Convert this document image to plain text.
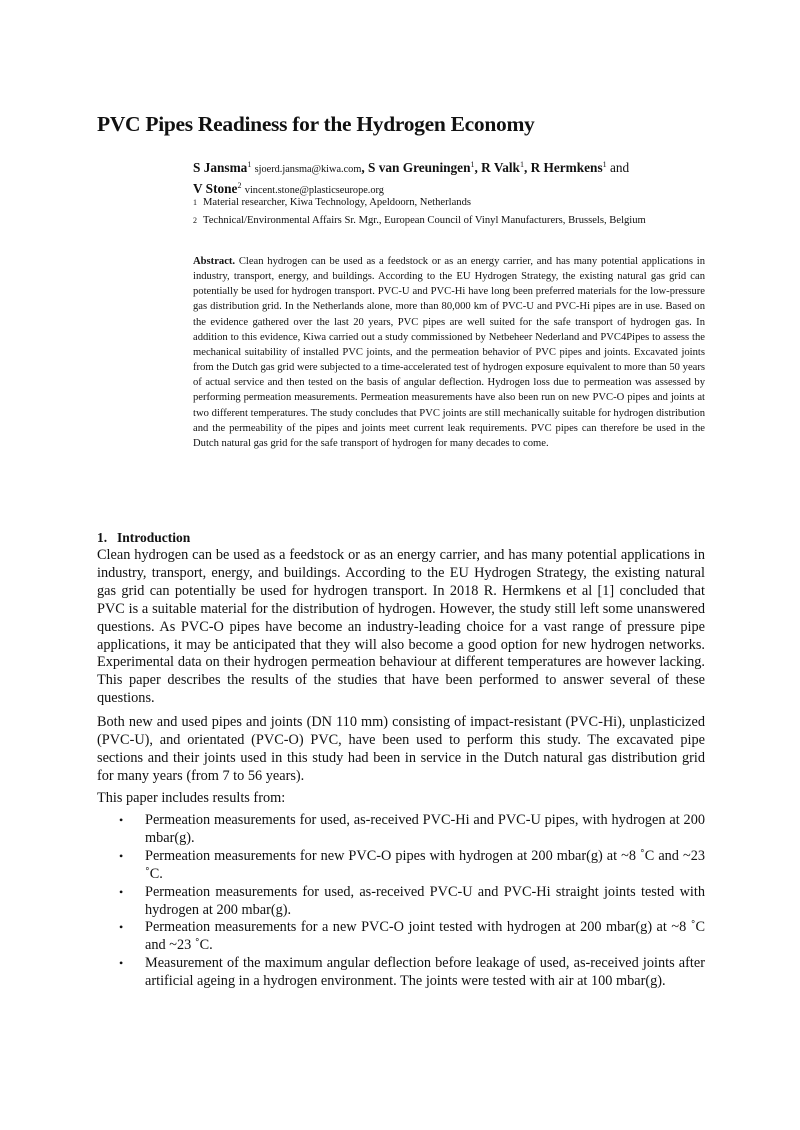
PVC Pipes Readiness for the Hydrogen Economy
S Jansma$^1$ sjoerd.jansma@kiwa.com, S van Greuningen$^1$, R Valk$^1$, R Hermkens$^1$ and
V Stone$^2$ vincent.stone@plasticseurope.org
1 Material researcher, Kiwa Technology, Apeldoorn, Netherlands
2 Technical/Environmental Affairs Sr. Mgr., European Council of Vinyl Manufacturers, Brussels, Belgium

Abstract. Clean hydrogen can be used as a feedstock or as an energy carrier, and has many potential applications in industry, transport, energy, and buildings. According to the EU Hydrogen Strategy, the existing natural gas grid can potentially be used for hydrogen transport. PVC-U and PVC-Hi have long been preferred materials for the low-pressure gas distribution grid. In the Netherlands alone, more than 80,000 km of PVC-U and PVC-Hi pipes are in use. Based on the evidence gathered over the last 20 years, PVC pipes are well suited for the safe transport of hydrogen gas. In addition to this evidence, Kiwa carried out a study commissioned by Netbeheer Nederland and PVC4Pipes to assess the mechanical suitability of installed PVC joints, and the permeation behavior of PVC pipes and joints. Excavated joints from the Dutch gas grid were subjected to a time-accelerated test of hydrogen exposure equivalent to more than 50 years of actual service and then tested on the basis of angular deflection. Hydrogen loss due to permeation was assessed by performing permeation measurements. Permeation measurements have also been run on new PVC-O pipes and joints at two different temperatures. The study concludes that PVC joints are still mechanically suitable for hydrogen distribution and the permeability of the pipes and joints meet current leak requirements. PVC pipes can therefore be used in the Dutch natural gas grid for the safe transport of hydrogen for many decades to come.

1. Introduction

Clean hydrogen can be used as a feedstock or as an energy carrier, and has many potential applications in industry, transport, energy, and buildings. According to the EU Hydrogen Strategy, the existing natural gas grid can potentially be used for hydrogen transport. In 2018 R. Hermkens et al [1] concluded that PVC is a suitable material for the distribution of hydrogen. However, the study still left some unanswered questions. As PVC-O pipes have become an industry-leading choice for a vast range of pressure pipe applications, it may be anticipated that they will also become a good option for new hydrogen networks. Experimental data on their hydrogen permeation behaviour at different temperatures are however lacking. This paper describes the results of the studies that have been performed to answer several of these questions.

Both new and used pipes and joints (DN 110 mm) consisting of impact-resistant (PVC-Hi), unplasticized (PVC-U), and orientated (PVC-O) PVC, have been used to perform this study. The excavated pipe sections and their joints used in this study had been in service in the Dutch natural gas distribution grid for many years (from 7 to 56 years).

This paper includes results from:

• Permeation measurements for used, as-received PVC-Hi and PVC-U pipes, with hydrogen at 200 mbar(g).
• Permeation measurements for new PVC-O pipes with hydrogen at 200 mbar(g) at ~8 ˚C and ~23 ˚C.
• Permeation measurements for used, as-received PVC-U and PVC-Hi straight joints tested with hydrogen at 200 mbar(g).
• Permeation measurements for a new PVC-O joint tested with hydrogen at 200 mbar(g) at ~8 ˚C and ~23 ˚C.
• Measurement of the maximum angular deflection before leakage of used, as-received joints after artificial ageing in a hydrogen environment. The joints were tested with air at 100 mbar(g).
